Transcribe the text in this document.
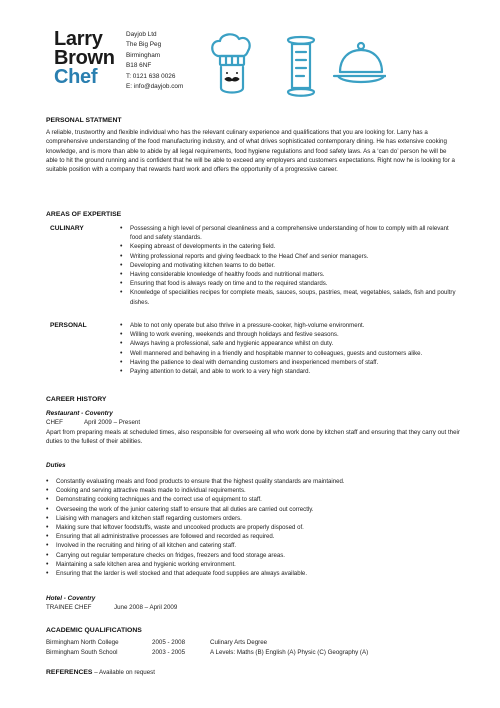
Larry
Brown
Chef
Dayjob Ltd
The Big Peg
Birmingham
B18 6NF
T: 0121 638 0026
E: info@dayjob.com
PERSONAL STATMENT
A reliable, trustworthy and flexible individual who has the relevant culinary experience and qualifications that you are looking for. Larry has a comprehensive understanding of the food manufacturing industry, and of what drives sophisticated contemporary dining. He has extensive cooking knowledge, and is more than able to abide by all legal requirements, food hygiene regulations and food safety laws. As a ‘can do’ person he will be able to hit the ground running and is confident that he will be able to exceed any employers and customers expectations. Right now he is looking for a suitable position with a company that rewards hard work and offers the opportunity of a progressive career.
AREAS OF EXPERTISE
CULINARY	• Possessing a high level of personal cleanliness and a comprehensive understanding of how to comply with all relevant food and safety standards.
• Keeping abreast of developments in the catering field.
• Writing professional reports and giving feedback to the Head Chef and senior managers.
• Developing and motivating kitchen teams to do better.
• Having considerable knowledge of healthy foods and nutritional matters.
• Ensuring that food is always ready on time and to the required standards.
• Knowledge of specialities recipes for complete meals, sauces, soups, pastries, meat, vegetables, salads, fish and poultry dishes.
PERSONAL	• Able to not only operate but also thrive in a pressure-cooker, high-volume environment.
• Willing to work evening, weekends and through holidays and festive seasons.
• Always having a professional, safe and hygienic appearance whilst on duty.
• Well mannered and behaving in a friendly and hospitable manner to colleagues, guests and customers alike.
• Having the patience to deal with demanding customers and inexperienced members of staff.
• Paying attention to detail, and able to work to a very high standard.
CAREER HISTORY
Restaurant - Coventry
CHEF	April 2009 – Present
Apart from preparing meals at scheduled times, also responsible for overseeing all who work done by kitchen staff and ensuring that they carry out their duties to the fullest of their abilities.
Duties
• Constantly evaluating meals and food products to ensure that the highest quality standards are maintained.
• Cooking and serving attractive meals made to individual requirements.
• Demonstrating cooking techniques and the correct use of equipment to staff.
• Overseeing the work of the junior catering staff to ensure that all duties are carried out correctly.
• Liaising with managers and kitchen staff regarding customers orders.
• Making sure that leftover foodstuffs, waste and uncooked products are properly disposed of.
• Ensuring that all administrative processes are followed and recorded as required.
• Involved in the recruiting and hiring of all kitchen and catering staff.
• Carrying out regular temperature checks on fridges, freezers and food storage areas.
• Maintaining a safe kitchen area and hygienic working environment.
• Ensuring that the larder is well stocked and that adequate food supplies are always available.
Hotel - Coventry
TRAINEE CHEF	June 2008 – April 2009
ACADEMIC QUALIFICATIONS
Birmingham North College	2005 - 2008	Culinary Arts Degree
Birmingham South School	2003 - 2005	A Levels: Maths (B) English (A) Physic (C) Geography (A)
REFERENCES – Available on request
